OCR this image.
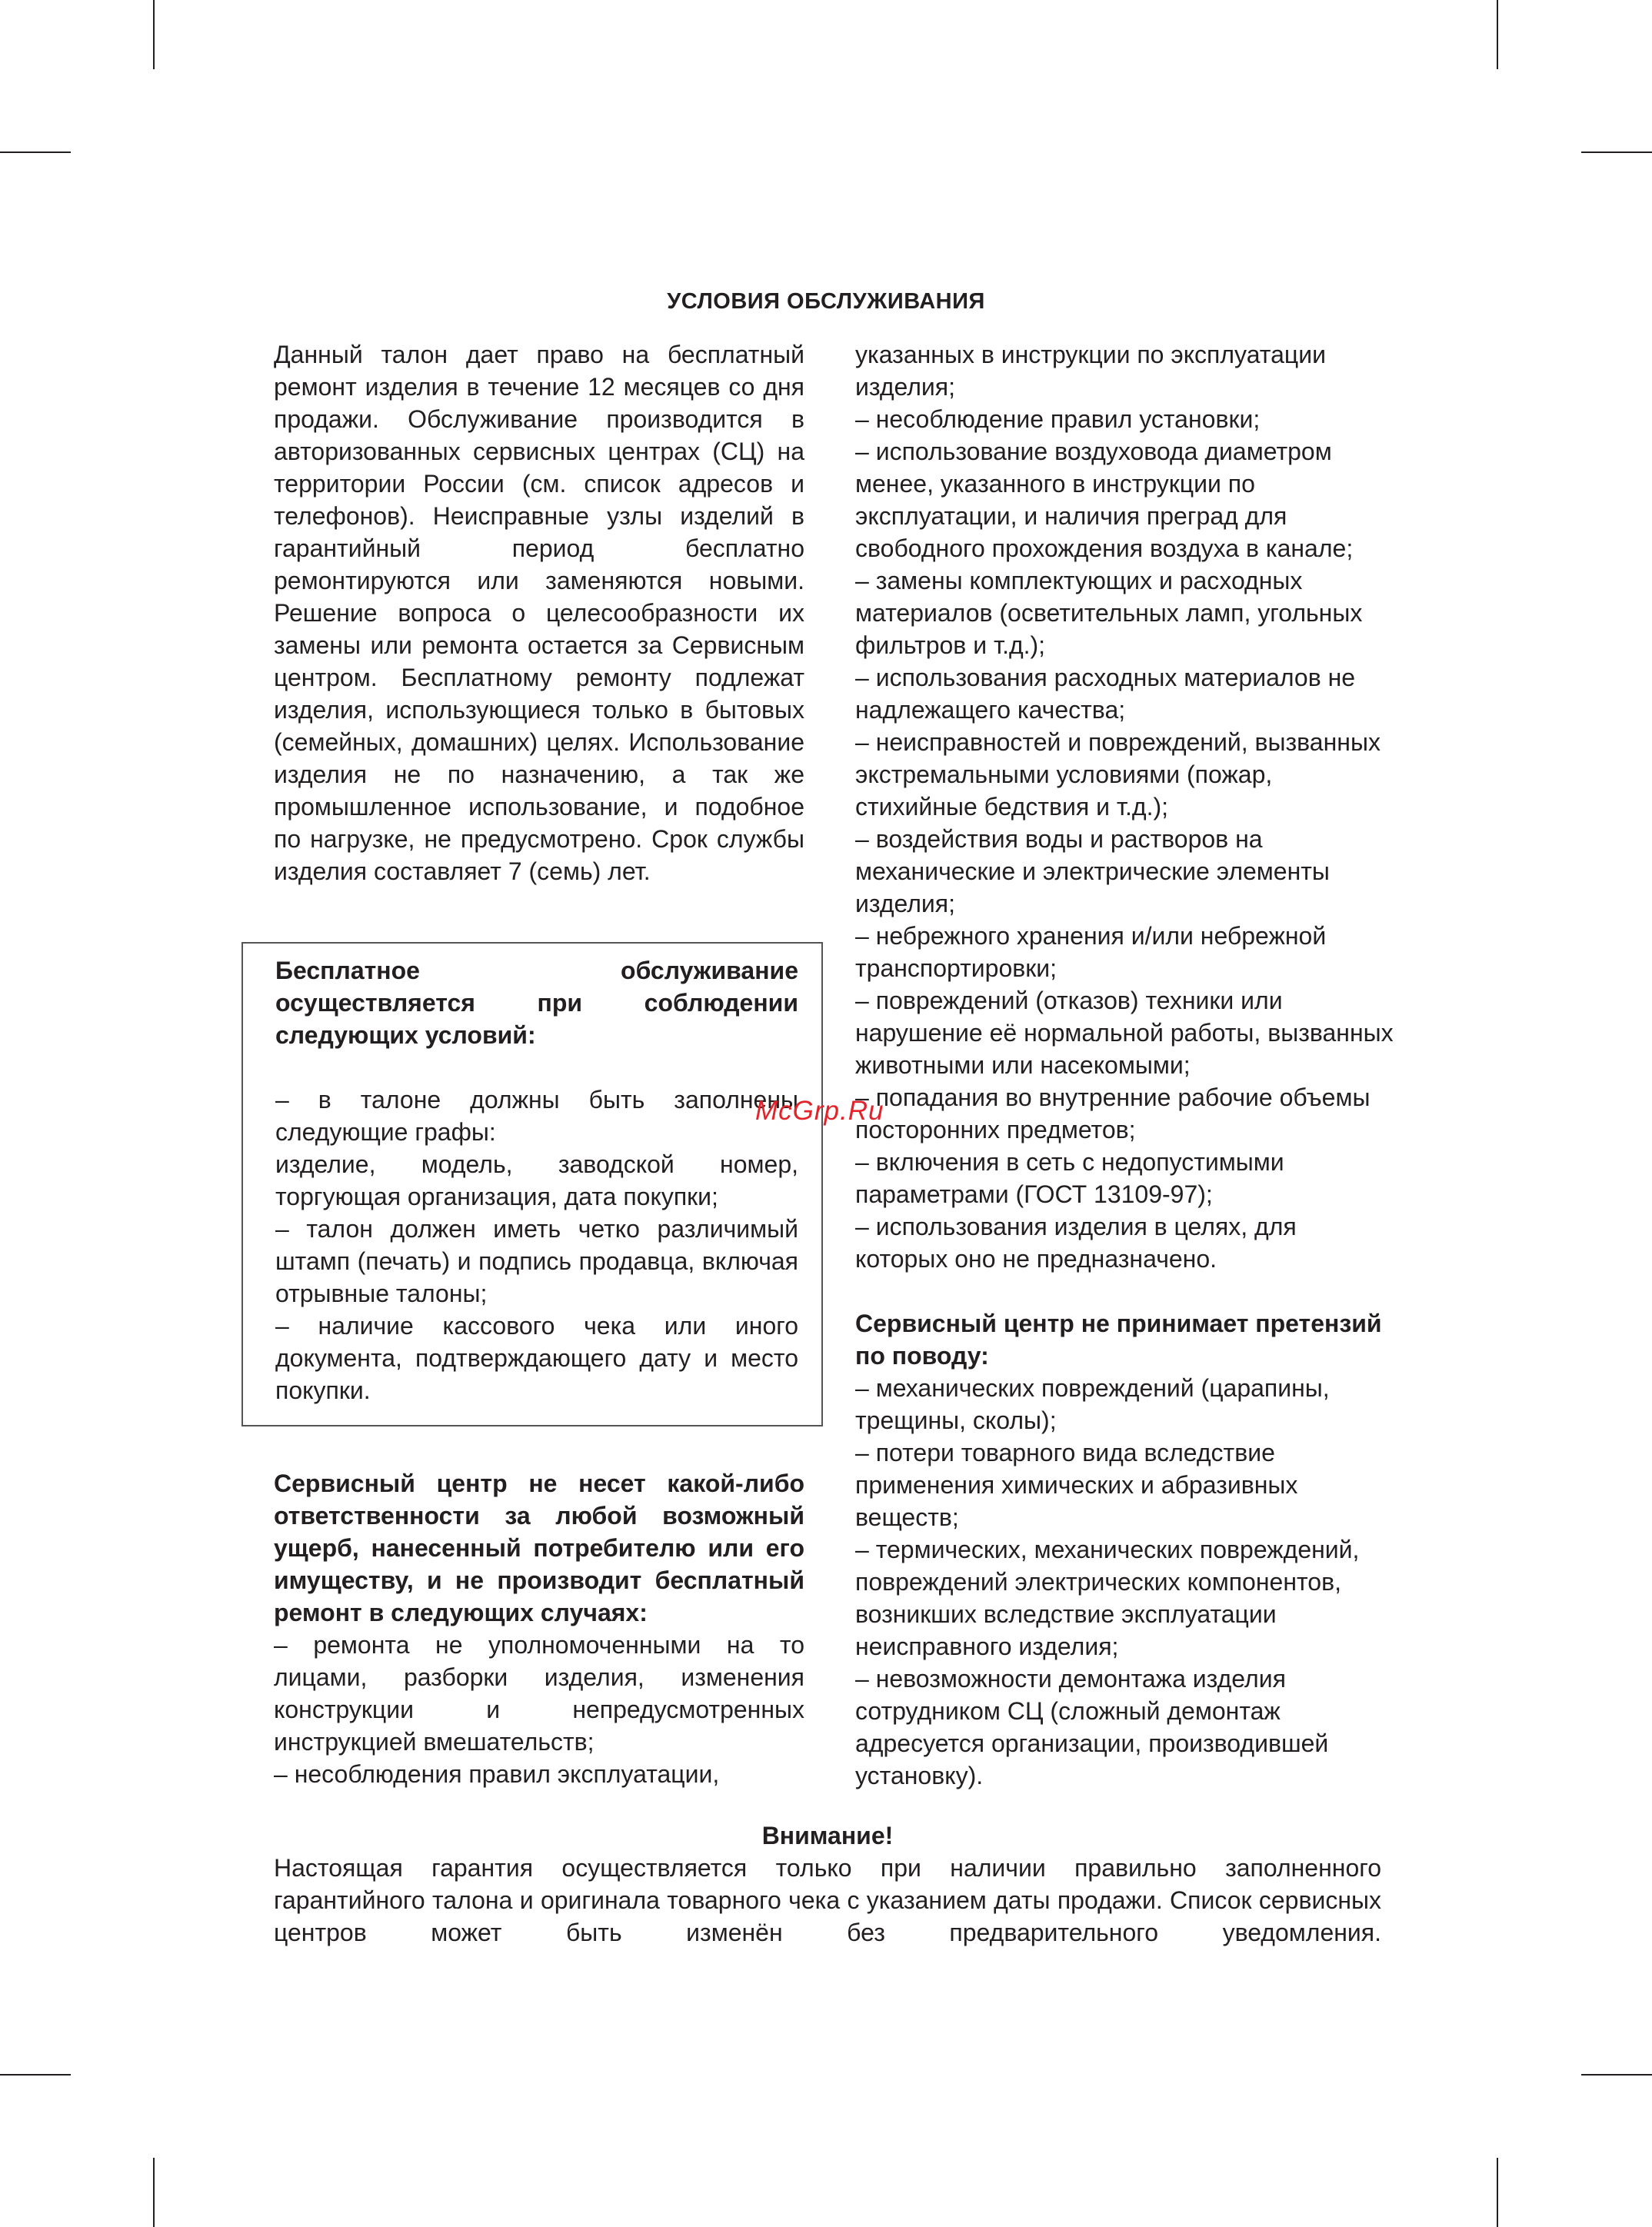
УСЛОВИЯ ОБСЛУЖИВАНИЯ

Данный талон дает право на бесплатный ремонт изделия в течение 12 месяцев со дня продажи. Обслуживание производится в авторизованных сервисных центрах (СЦ) на территории России (см. список адресов и телефонов). Неисправные узлы изделий в гарантийный период бесплатно ремонтируются или заменяются новыми. Решение вопроса о целесообразности их замены или ремонта остается за Сервисным центром. Бесплатному ремонту подлежат изделия, использующиеся только в бытовых (семейных, домашних) целях. Использование изделия не по назначению, а так же промышленное использование, и подобное по нагрузке, не предусмотрено. Срок службы изделия составляет 7 (семь) лет.

Бесплатное обслуживание осуществляется при соблюдении следующих условий:

– в талоне должны быть заполнены следующие графы:

изделие, модель, заводской номер, торгующая организация, дата покупки;

– талон должен иметь четко различимый штамп (печать) и подпись продавца, включая отрывные талоны;

– наличие кассового чека или иного документа, подтверждающего дату и место покупки.

Сервисный центр не несет какой-либо ответственности за любой возможный ущерб, нанесенный потребителю или его имуществу, и не производит бесплатный ремонт в следующих случаях:

– ремонта не уполномоченными на то лицами, разборки изделия, изменения конструкции и непредусмотренных инструкцией вмешательств;

– несоблюдения правил эксплуатации,

указанных в инструкции по эксплуатации изделия;

– несоблюдение правил установки;

– использование воздуховода диаметром менее, указанного в инструкции по эксплуатации, и наличия преград для свободного прохождения воздуха в канале;

– замены комплектующих и расходных материалов (осветительных ламп, угольных фильтров и т.д.);

– использования расходных материалов не надлежащего качества;

– неисправностей и повреждений, вызванных экстремальными условиями (пожар, стихийные бедствия и т.д.);

– воздействия воды и растворов на механические и электрические элементы изделия;

– небрежного хранения и/или небрежной транспортировки;

– повреждений (отказов) техники или нарушение её нормальной работы, вызванных животными или насекомыми;

– попадания во внутренние рабочие объемы посторонних предметов;

– включения в сеть с недопустимыми параметрами (ГОСТ 13109-97);

– использования изделия в целях, для которых оно не предназначено.

Сервисный центр не принимает претензий по поводу:

– механических повреждений (царапины, трещины, сколы);

– потери товарного вида вследствие применения химических и абразивных веществ;

– термических, механических повреждений, повреждений электрических компонентов, возникших вследствие эксплуатации неисправного изделия;

– невозможности демонтажа изделия сотрудником СЦ (сложный демонтаж адресуется организации, производившей установку).

McGrp.Ru

Внимание!

Настоящая гарантия осуществляется только при наличии правильно заполненного гарантийного талона и оригинала товарного чека с указанием даты продажи. Список сервисных центров может быть изменён без предварительного уведомления.
